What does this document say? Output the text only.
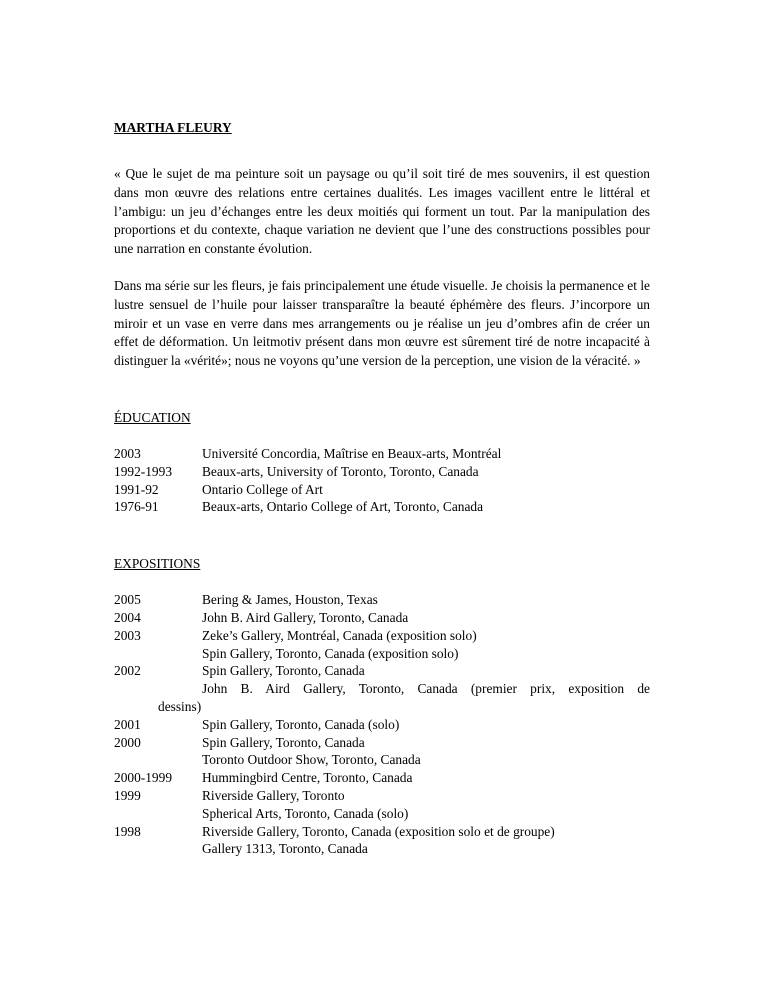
MARTHA FLEURY

« Que le sujet de ma peinture soit un paysage ou qu’il soit tiré de mes souvenirs, il est question dans mon œuvre des relations entre certaines dualités. Les images vacillent entre le littéral et l’ambigu: un jeu d’échanges entre les deux moitiés qui forment un tout. Par la manipulation des proportions et du contexte, chaque variation ne devient que l’une des constructions possibles pour une narration en constante évolution.

Dans ma série sur les fleurs, je fais principalement une étude visuelle. Je choisis la permanence et le lustre sensuel de l’huile pour laisser transparaître la beauté éphémère des fleurs. J’incorpore un miroir et un vase en verre dans mes arrangements ou je réalise un jeu d’ombres afin de créer un effet de déformation. Un leitmotiv présent dans mon œuvre est sûrement tiré de notre incapacité à distinguer la «vérité»; nous ne voyons qu’une version de la perception, une vision de la véracité. »

ÉDUCATION
2003	Université Concordia, Maîtrise en Beaux-arts, Montréal
1992-1993	Beaux-arts, University of Toronto, Toronto, Canada
1991-92	Ontario College of Art
1976-91	Beaux-arts, Ontario College of Art, Toronto, Canada
EXPOSITIONS
2005	Bering & James, Houston, Texas
2004	John B. Aird Gallery, Toronto, Canada
2003	Zeke’s Gallery, Montréal, Canada (exposition solo)
Spin Gallery, Toronto, Canada (exposition solo)
2002	Spin Gallery, Toronto, Canada
John B. Aird Gallery, Toronto, Canada (premier prix, exposition de
dessins)
2001	Spin Gallery, Toronto, Canada (solo)
2000	Spin Gallery, Toronto, Canada
Toronto Outdoor Show, Toronto, Canada
2000-1999	Hummingbird Centre, Toronto, Canada
1999	Riverside Gallery, Toronto
Spherical Arts, Toronto, Canada (solo)
1998	Riverside Gallery, Toronto, Canada (exposition solo et de groupe)
Gallery 1313, Toronto, Canada
